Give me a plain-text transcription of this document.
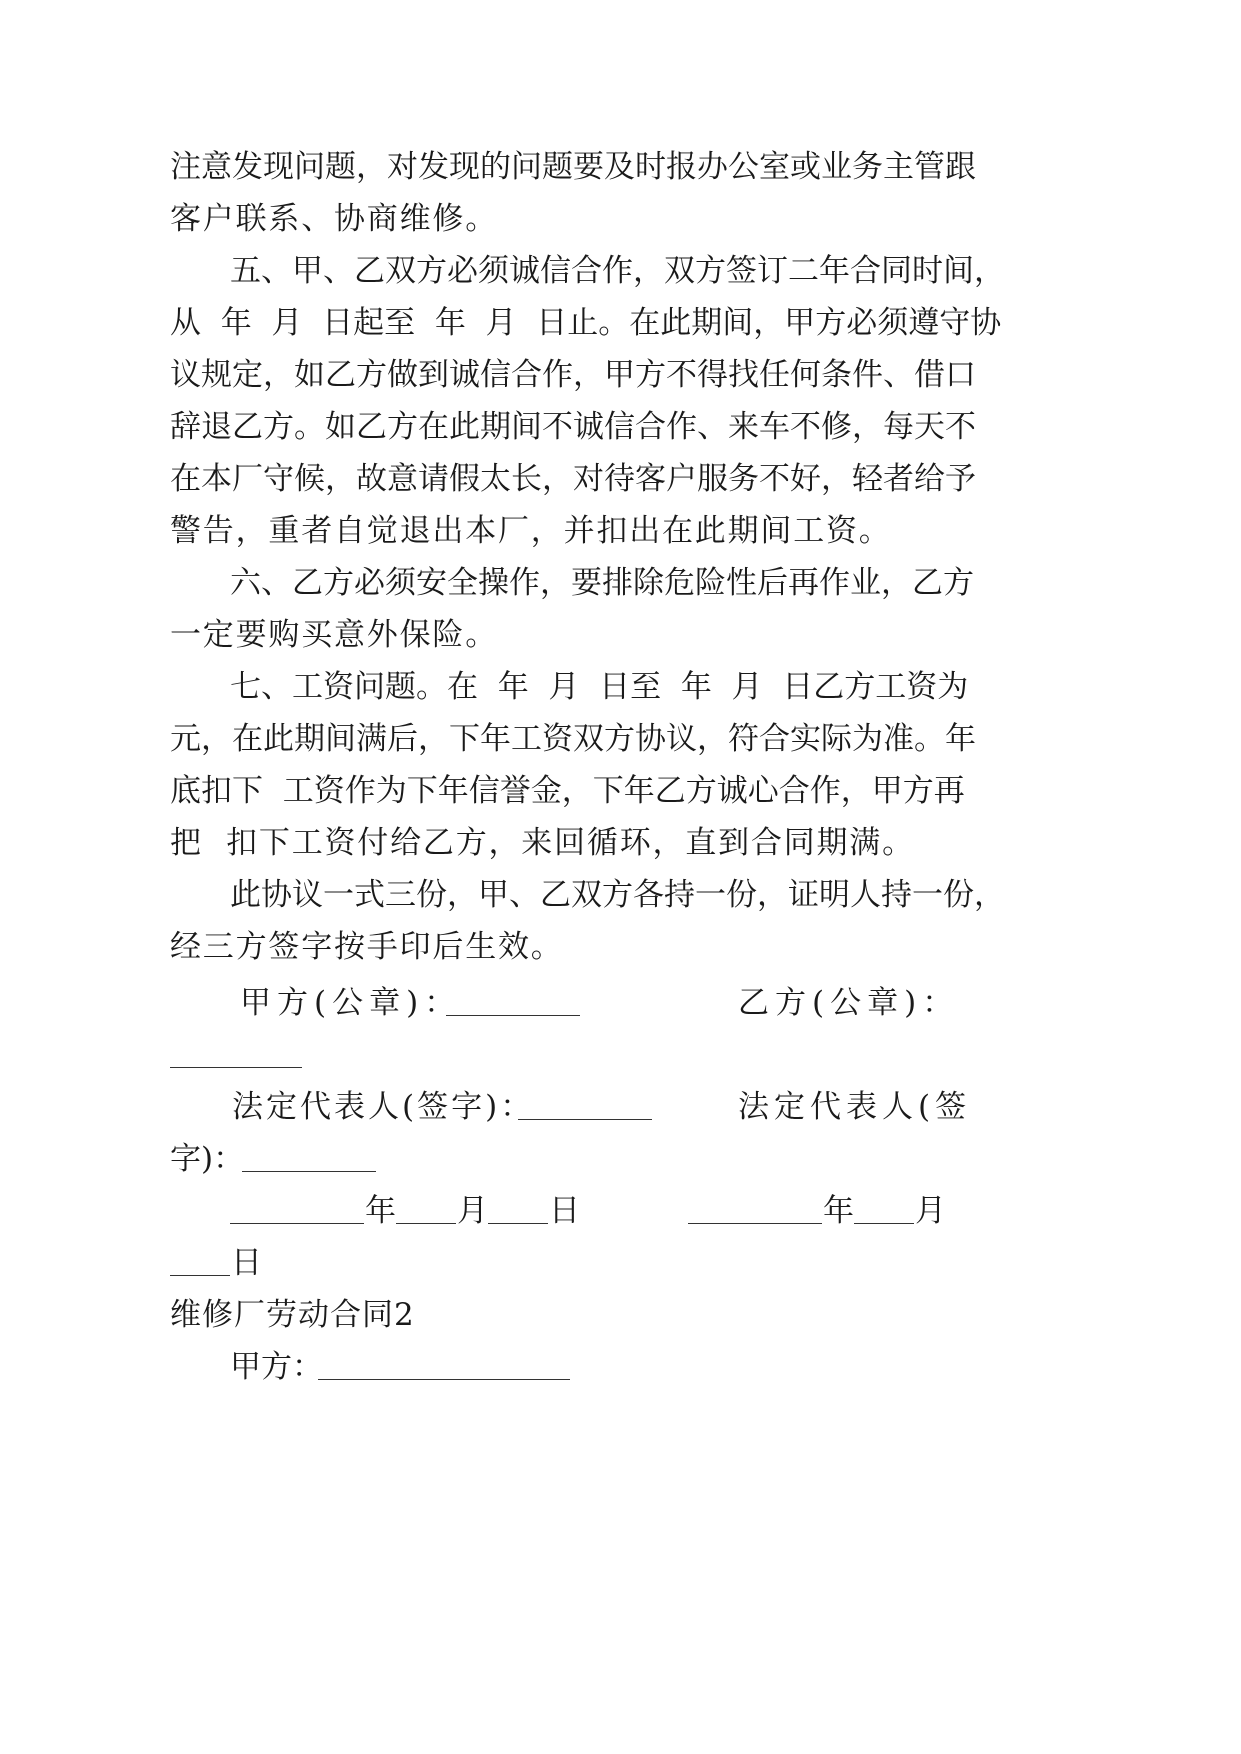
注意发现问题，对发现的问题要及时报办公室或业务主管跟
客户联系、协商维修。
五、甲、乙双方必须诚信合作，双方签订二年合同时间，
从  年  月  日起至  年  月  日止。在此期间，甲方必须遵守协
议规定，如乙方做到诚信合作，甲方不得找任何条件、借口
辞退乙方。如乙方在此期间不诚信合作、来车不修，每天不
在本厂守候，故意请假太长，对待客户服务不好，轻者给予
警告，重者自觉退出本厂，并扣出在此期间工资。
六、乙方必须安全操作，要排除危险性后再作业，乙方
一定要购买意外保险。
七、工资问题。在  年  月  日至  年  月  日乙方工资为
元，在此期间满后，下年工资双方协议，符合实际为准。年
底扣下  工资作为下年信誉金，下年乙方诚心合作，甲方再
把  扣下工资付给乙方，来回循环，直到合同期满。
此协议一式三份，甲、乙双方各持一份，证明人持一份，
经三方签字按手印后生效。
甲方(公章)：	乙方(公章)：
法定代表人(签字)：	法定代表人(签
字)：
年 月 日	年 月
日
维修厂劳动合同2
甲方：
